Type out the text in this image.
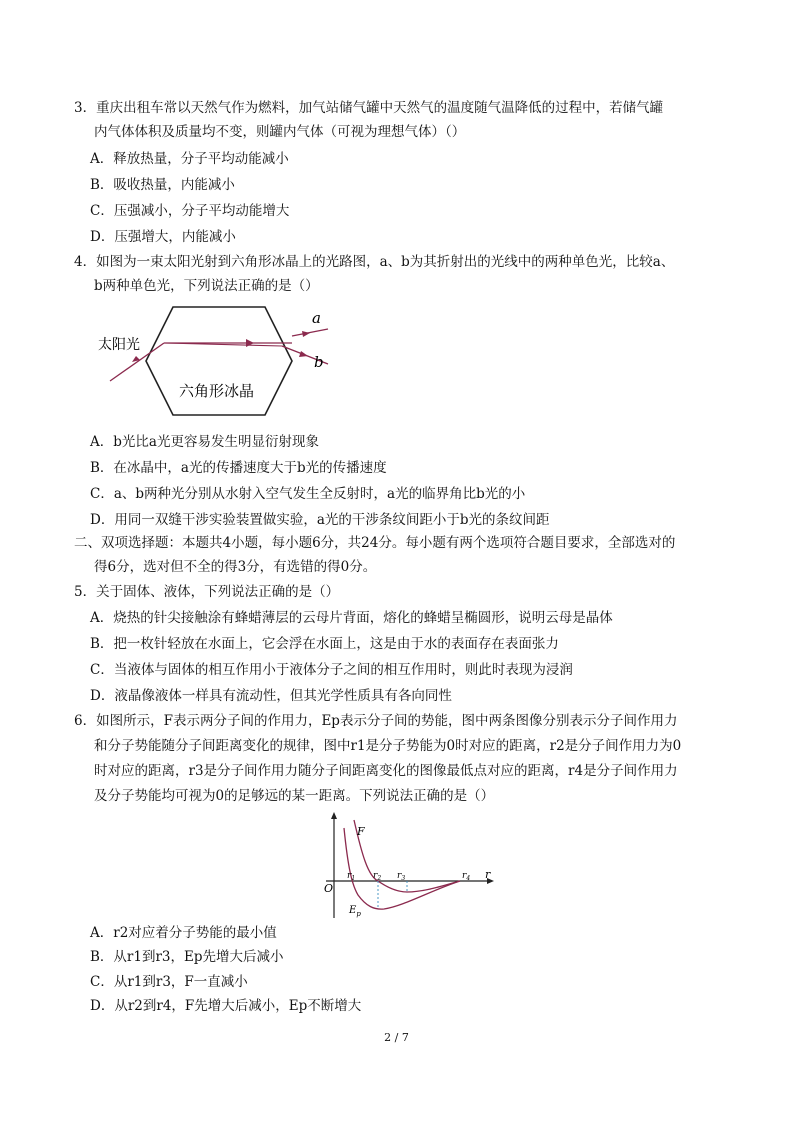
3．重庆出租车常以天然气作为燃料，加气站储气罐中天然气的温度随气温降低的过程中，若储气罐
内气体体积及质量均不变，则罐内气体（可视为理想气体）（）
A．释放热量，分子平均动能减小
B．吸收热量，内能减小
C．压强减小，分子平均动能增大
D．压强增大，内能减小
4．如图为一束太阳光射到六角形冰晶上的光路图，a、b为其折射出的光线中的两种单色光，比较a、
b两种单色光，下列说法正确的是（）
太阳光
六角形冰晶
a
b
A．b光比a光更容易发生明显衍射现象
B．在冰晶中，a光的传播速度大于b光的传播速度
C．a、b两种光分别从水射入空气发生全反射时，a光的临界角比b光的小
D．用同一双缝干涉实验装置做实验，a光的干涉条纹间距小于b光的条纹间距
二、双项选择题：本题共4小题，每小题6分，共24分。每小题有两个选项符合题目要求，全部选对的
得6分，选对但不全的得3分，有选错的得0分。
5．关于固体、液体，下列说法正确的是（）
A．烧热的针尖接触涂有蜂蜡薄层的云母片背面，熔化的蜂蜡呈椭圆形，说明云母是晶体
B．把一枚针轻放在水面上，它会浮在水面上，这是由于水的表面存在表面张力
C．当液体与固体的相互作用小于液体分子之间的相互作用时，则此时表现为浸润
D．液晶像液体一样具有流动性，但其光学性质具有各向同性
6．如图所示，F表示两分子间的作用力，Ep表示分子间的势能，图中两条图像分别表示分子间作用力
和分子势能随分子间距离变化的规律，图中r1是分子势能为0时对应的距离，r2是分子间作用力为0
时对应的距离，r3是分子间作用力随分子间距离变化的图像最低点对应的距离，r4是分子间作用力
及分子势能均可视为0的足够远的某一距离。下列说法正确的是（）
F
O
r
$E_p$
$r_1$ $r_2$ $r_3$	$r_4$
A．r2对应着分子势能的最小值
B．从r1到r3，Ep先增大后减小
C．从r1到r3，F一直减小
D．从r2到r4，F先增大后减小，Ep不断增大
2 / 7
